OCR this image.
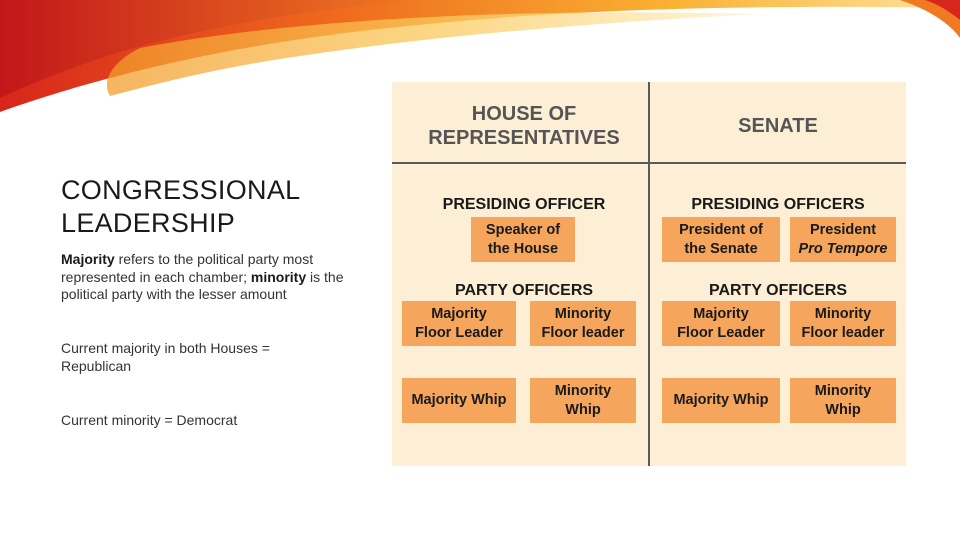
CONGRESSIONAL
LEADERSHIP
Majority refers to the political party most represented in each chamber; minority is the political party with the lesser amount
Current majority in both Houses =
Republican
Current minority = Democrat
HOUSE OF
REPRESENTATIVES
SENATE
PRESIDING OFFICER	PRESIDING OFFICERS
Speaker of
the House
President of
the Senate
President
Pro Tempore
PARTY OFFICERS	PARTY OFFICERS
Majority
Floor Leader
Minority
Floor leader
Majority
Floor Leader
Minority
Floor leader
Majority Whip
Minority
Whip
Majority Whip
Minority
Whip
